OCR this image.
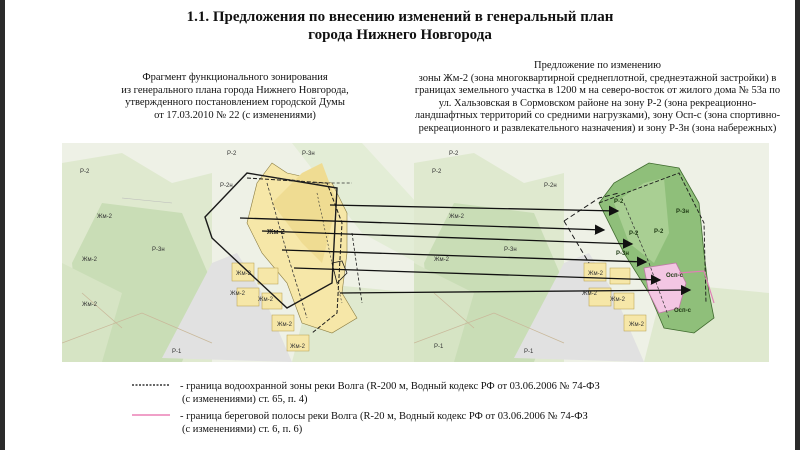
1.1. Предложения по внесению изменений в генеральный план
города Нижнего Новгорода
Фрагмент функционального зонирования
из генерального плана города Нижнего Новгорода,
утвержденного постановлением городской Думы
от 17.03.2010 № 22 (с изменениями)
Предложение по изменению
зоны Жм-2 (зона многоквартирной среднеплотной, среднеэтажной застройки) в
границах земельного участка в 1200 м на северо-восток от жилого дома № 53а по
ул. Хальзовская в Сормовском районе на зону Р-2 (зона рекреационно-
ландшафтных территорий со средними нагрузками), зону Осп-с (зона спортивно-
рекреационного и развлекательного назначения) и зону Р-3н (зона набережных)
Р-2
Р-2
Р-2н
Р-3н
Р-3н
Жм-2
Жм-2
Жм-2
Жм-2
Жм-2
Жм-2
Жм-2
Р-1
Жм-2
Жм-2
Р-2
Р-2
Р-2н
Р-3н
Жм-2
Жм-2
Жм-2
Жм-2
Жм-2
Жм-2
Р-1
Р-1
Р-2
Р-2	Р-2
Р-3н
Р-3н
Осп-с
Осп-с
- граница водоохранной зоны реки Волга (R-200 м, Водный кодекс РФ от 03.06.2006 № 74-ФЗ
(с изменениями) ст. 65, п. 4)
- граница береговой полосы реки Волга (R-20 м, Водный кодекс РФ от 03.06.2006 № 74-ФЗ
(с изменениями) ст. 6, п. 6)
